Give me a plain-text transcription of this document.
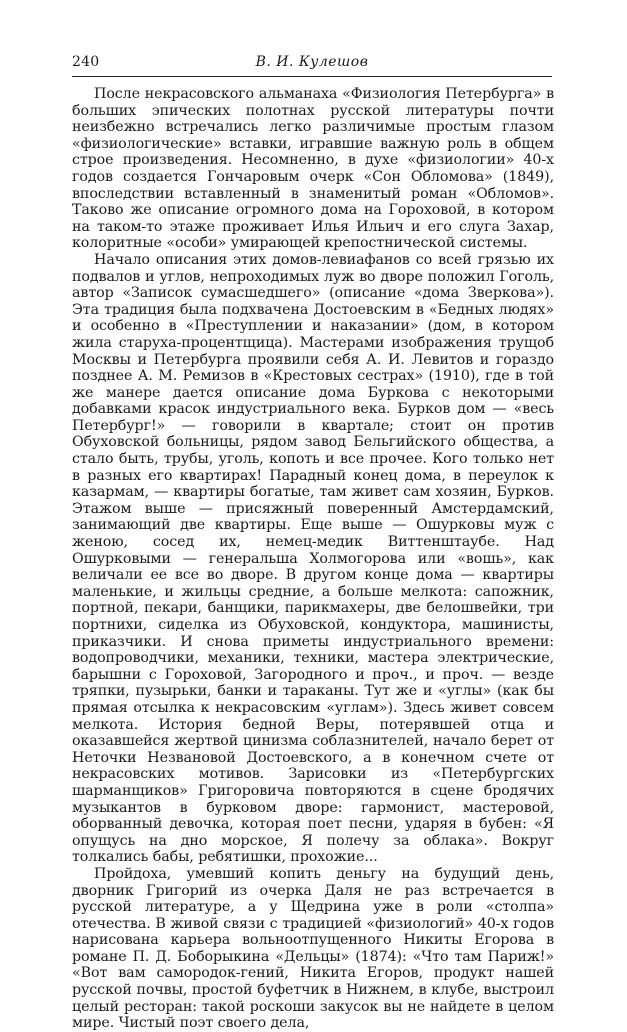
240	В. И. Кулешов

После некрасовского альманаха «Физиология Петербурга» в больших эпических полотнах русской литературы почти неизбежно встречались легко различимые простым глазом «физиологические» вставки, игравшие важную роль в общем строе произведения. Несомненно, в духе «физиологии» 40-х годов создается Гончаровым очерк «Сон Обломова» (1849), впоследствии вставленный в знаменитый роман «Обломов». Таково же описание огромного дома на Гороховой, в котором на таком-то этаже проживает Илья Ильич и его слуга Захар, колоритные «особи» умирающей крепостнической системы.

Начало описания этих домов-левиафанов со всей грязью их подвалов и углов, непроходимых луж во дворе положил Гоголь, автор «Записок сумасшедшего» (описание «дома Зверкова»). Эта традиция была подхвачена Достоевским в «Бедных людях» и особенно в «Преступлении и наказании» (дом, в котором жила старуха-процентщица). Мастерами изображения трущоб Москвы и Петербурга проявили себя А. И. Левитов и гораздо позднее А. М. Ремизов в «Крестовых сестрах» (1910), где в той же манере дается описание дома Буркова с некоторыми добавками красок индустриального века. Бурков дом — «весь Петербург!» — говорили в квартале; стоит он против Обуховской больницы, рядом завод Бельгийского общества, а стало быть, трубы, уголь, копоть и все прочее. Кого только нет в разных его квартирах! Парадный конец дома, в переулок к казармам, — квартиры богатые, там живет сам хозяин, Бурков. Этажом выше — присяжный поверенный Амстердамский, занимающий две квартиры. Еще выше — Ошурковы муж с женою, сосед их, немец-медик Виттенштаубе. Над Ошурковыми — генеральша Холмогорова или «вошь», как величали ее все во дворе. В другом конце дома — квартиры маленькие, и жильцы средние, а больше мелкота: сапожник, портной, пекари, банщики, парикмахеры, две белошвейки, три портнихи, сиделка из Обуховской, кондуктора, машинисты, приказчики. И снова приметы индустриального времени: водопроводчики, механики, техники, мастера электрические, барышни с Гороховой, Загородного и проч., и проч. — везде тряпки, пузырьки, банки и тараканы. Тут же и «углы» (как бы прямая отсылка к некрасовским «углам»). Здесь живет совсем мелкота. История бедной Веры, потерявшей отца и оказавшейся жертвой цинизма соблазнителей, начало берет от Неточки Незвановой Достоевского, а в конечном счете от некрасовских мотивов. Зарисовки из «Петербургских шарманщиков» Григоровича повторяются в сцене бродячих музыкантов в бурковом дворе: гармонист, мастеровой, оборванный девочка, которая поет песни, ударяя в бубен: «Я опущусь на дно морское, Я полечу за облака». Вокруг толкались бабы, ребятишки, прохожие...

Пройдоха, умевший копить деньгу на будущий день, дворник Григорий из очерка Даля не раз встречается в русской литературе, а у Щедрина уже в роли «столпа» отечества. В живой связи с традицией «физиологий» 40-х годов нарисована карьера вольноотпущенного Никиты Егорова в романе П. Д. Боборыкина «Дельцы» (1874): «Что там Париж!» «Вот вам самородок-гений, Никита Егоров, продукт нашей русской почвы, простой буфетчик в Нижнем, в клубе, выстроил целый ресторан: такой роскоши закусок вы не найдете в целом мире. Чистый поэт своего дела,
